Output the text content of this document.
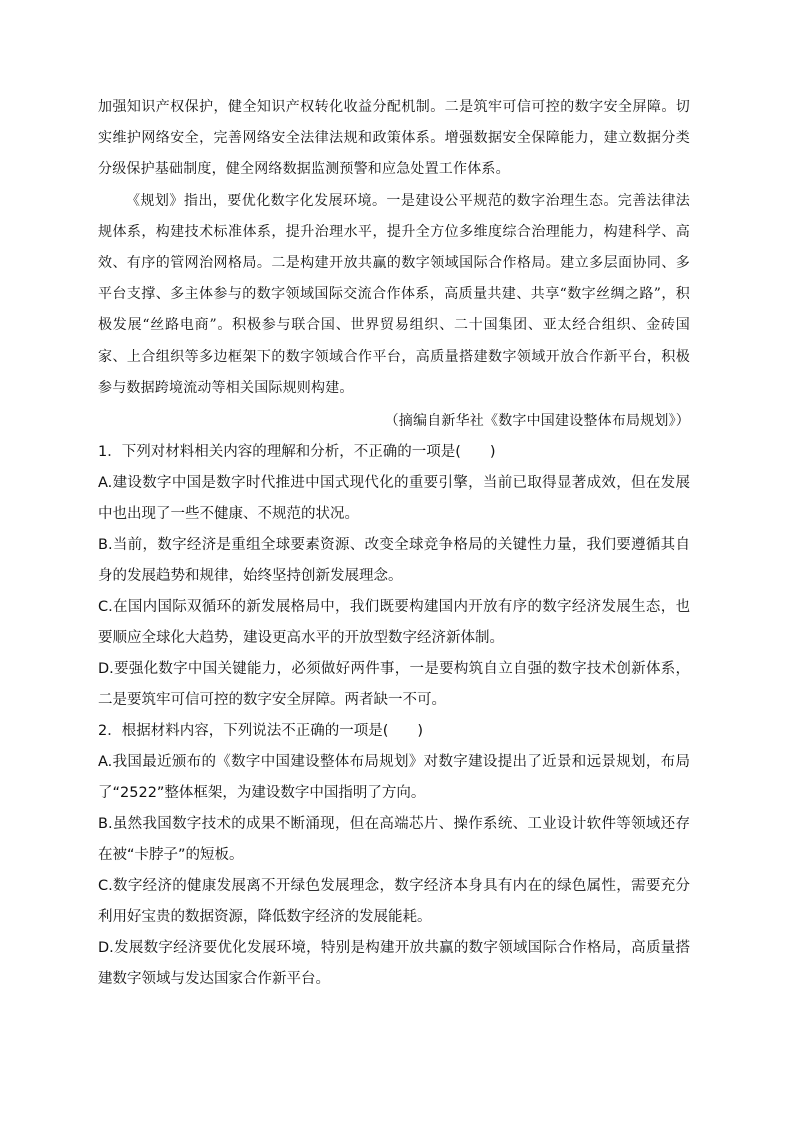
加强知识产权保护，健全知识产权转化收益分配机制。二是筑牢可信可控的数字安全屏障。切实维护网络安全，完善网络安全法律法规和政策体系。增强数据安全保障能力，建立数据分类分级保护基础制度，健全网络数据监测预警和应急处置工作体系。

《规划》指出，要优化数字化发展环境。一是建设公平规范的数字治理生态。完善法律法规体系，构建技术标准体系，提升治理水平，提升全方位多维度综合治理能力，构建科学、高效、有序的管网治网格局。二是构建开放共赢的数字领域国际合作格局。建立多层面协同、多平台支撑、多主体参与的数字领域国际交流合作体系，高质量共建、共享“数字丝绸之路”，积极发展“丝路电商”。积极参与联合国、世界贸易组织、二十国集团、亚太经合组织、金砖国家、上合组织等多边框架下的数字领域合作平台，高质量搭建数字领域开放合作新平台，积极参与数据跨境流动等相关国际规则构建。

（摘编自新华社《数字中国建设整体布局规划》）

1．下列对材料相关内容的理解和分析，不正确的一项是(　　)

A.建设数字中国是数字时代推进中国式现代化的重要引擎，当前已取得显著成效，但在发展中也出现了一些不健康、不规范的状况。

B.当前，数字经济是重组全球要素资源、改变全球竞争格局的关键性力量，我们要遵循其自身的发展趋势和规律，始终坚持创新发展理念。

C.在国内国际双循环的新发展格局中，我们既要构建国内开放有序的数字经济发展生态，也要顺应全球化大趋势，建设更高水平的开放型数字经济新体制。

D.要强化数字中国关键能力，必须做好两件事，一是要构筑自立自强的数字技术创新体系，二是要筑牢可信可控的数字安全屏障。两者缺一不可。

2．根据材料内容，下列说法不正确的一项是(　　)

A.我国最近颁布的《数字中国建设整体布局规划》对数字建设提出了近景和远景规划，布局了“2522”整体框架，为建设数字中国指明了方向。

B.虽然我国数字技术的成果不断涌现，但在高端芯片、操作系统、工业设计软件等领域还存在被“卡脖子”的短板。

C.数字经济的健康发展离不开绿色发展理念，数字经济本身具有内在的绿色属性，需要充分利用好宝贵的数据资源，降低数字经济的发展能耗。

D.发展数字经济要优化发展环境，特别是构建开放共赢的数字领域国际合作格局，高质量搭建数字领域与发达国家合作新平台。
